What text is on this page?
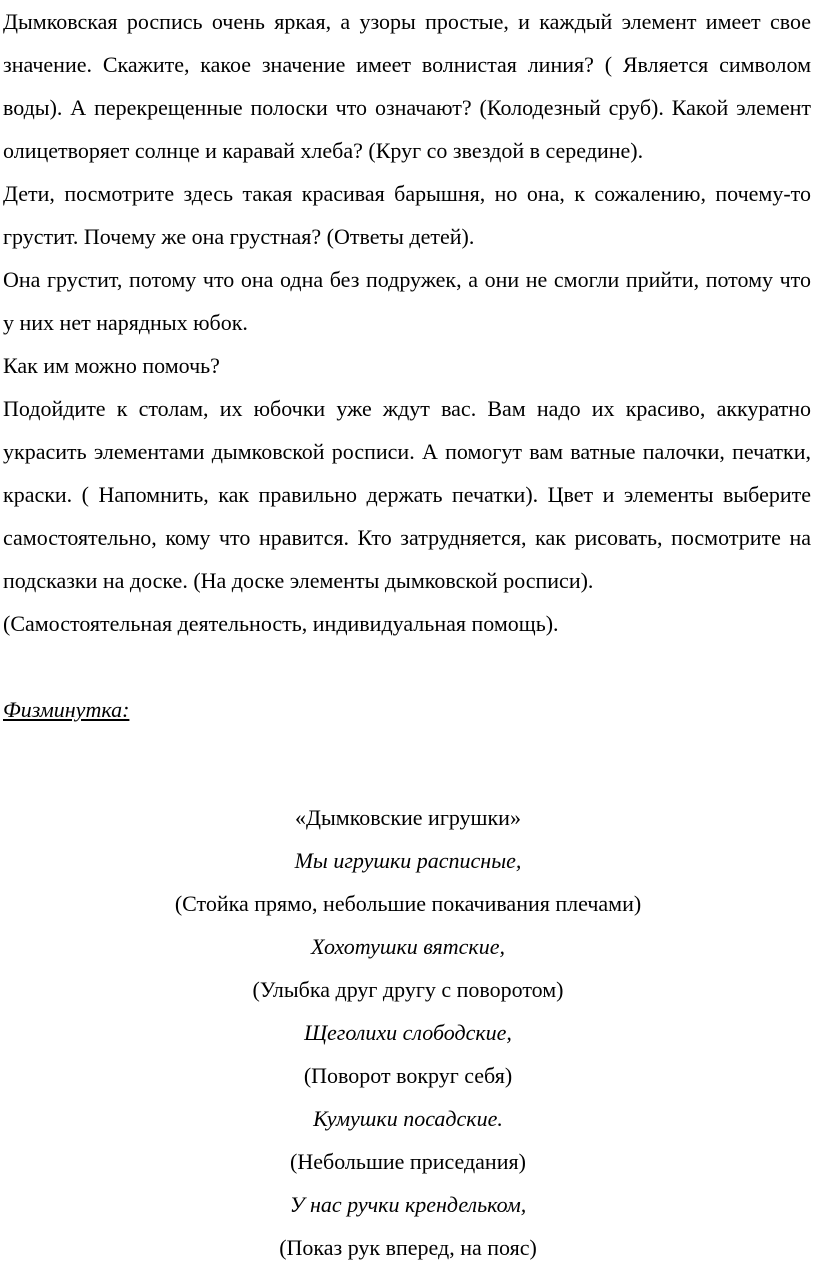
Дымковская роспись очень яркая, а узоры простые, и каждый элемент имеет свое значение. Скажите, какое значение имеет волнистая линия? ( Является символом воды). А перекрещенные полоски что означают? (Колодезный сруб). Какой элемент олицетворяет солнце и каравай хлеба? (Круг со звездой в середине).

Дети, посмотрите здесь такая красивая барышня, но она, к сожалению, почему-то грустит. Почему же она грустная? (Ответы детей).

Она грустит, потому что она одна без подружек, а они не смогли прийти, потому что у них нет нарядных юбок.

Как им можно помочь?

Подойдите к столам, их юбочки уже ждут вас. Вам надо их красиво, аккуратно украсить элементами дымковской росписи. А помогут вам ватные палочки, печатки, краски. ( Напомнить, как правильно держать печатки). Цвет и элементы выберите самостоятельно, кому что нравится. Кто затрудняется, как рисовать, посмотрите на подсказки на доске. (На доске элементы дымковской росписи).

(Самостоятельная деятельность, индивидуальная помощь).

Физминутка:

«Дымковские игрушки»

Мы игрушки расписные,

(Стойка прямо, небольшие покачивания плечами)

Хохотушки вятские,

(Улыбка друг другу с поворотом)

Щеголихи слободские,

(Поворот вокруг себя)

Кумушки посадские.

(Небольшие приседания)

У нас ручки крендельком,

(Показ рук вперед, на пояс)
